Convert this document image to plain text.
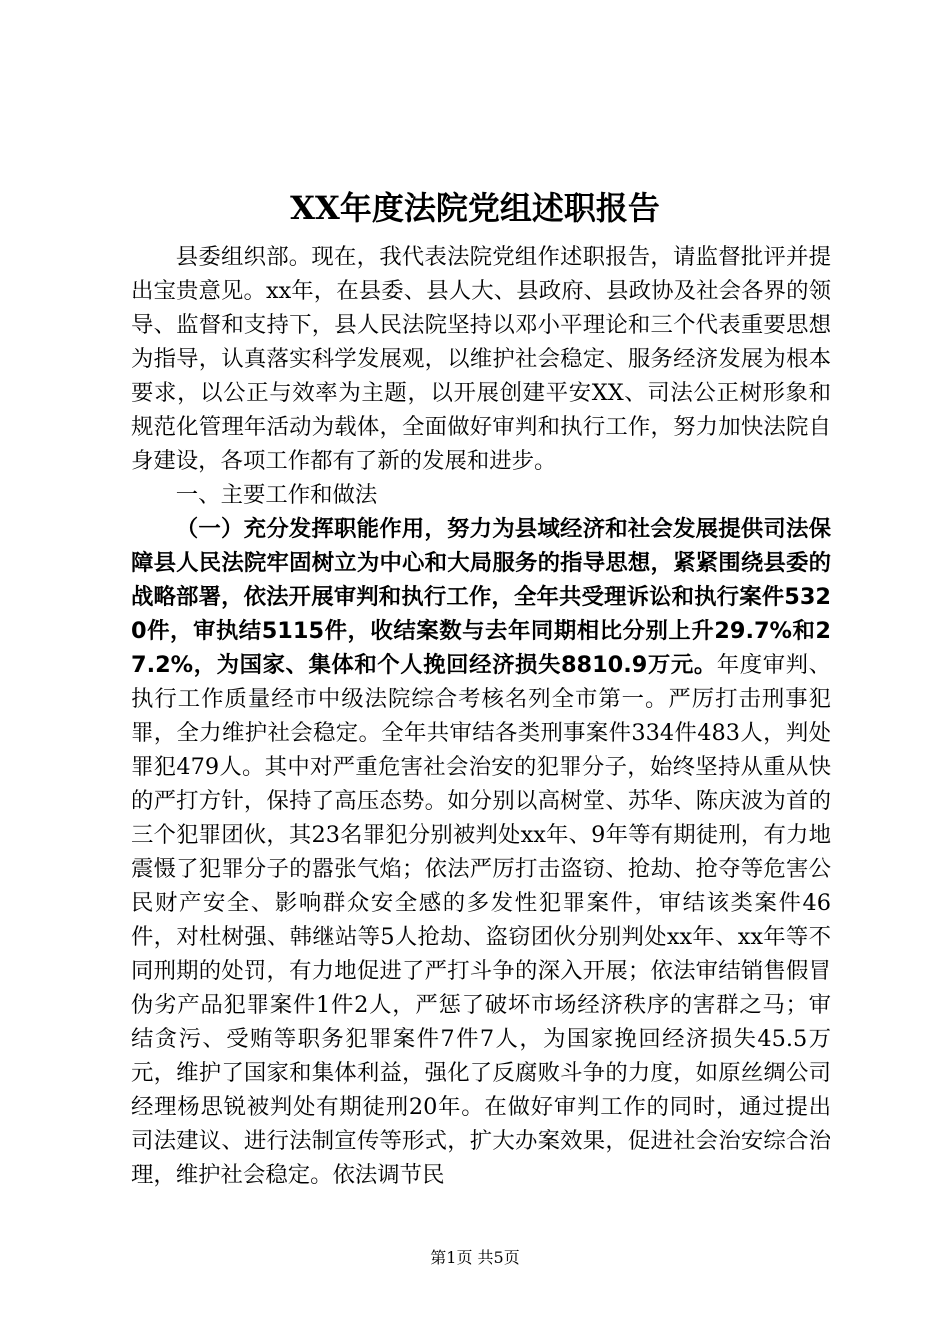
XX年度法院党组述职报告

县委组织部。现在，我代表法院党组作述职报告，请监督批评并提出宝贵意见。xx年，在县委、县人大、县政府、县政协及社会各界的领导、监督和支持下，县人民法院坚持以邓小平理论和三个代表重要思想为指导，认真落实科学发展观，以维护社会稳定、服务经济发展为根本要求，以公正与效率为主题，以开展创建平安XX、司法公正树形象和规范化管理年活动为载体，全面做好审判和执行工作，努力加快法院自身建设，各项工作都有了新的发展和进步。

一、主要工作和做法

（一）充分发挥职能作用，努力为县域经济和社会发展提供司法保障县人民法院牢固树立为中心和大局服务的指导思想，紧紧围绕县委的战略部署，依法开展审判和执行工作，全年共受理诉讼和执行案件5320件，审执结5115件，收结案数与去年同期相比分别上升29.7%和27.2%，为国家、集体和个人挽回经济损失8810.9万元。年度审判、执行工作质量经市中级法院综合考核名列全市第一。严厉打击刑事犯罪，全力维护社会稳定。全年共审结各类刑事案件334件483人，判处罪犯479人。其中对严重危害社会治安的犯罪分子，始终坚持从重从快的严打方针，保持了高压态势。如分别以高树堂、苏华、陈庆波为首的三个犯罪团伙，其23名罪犯分别被判处xx年、9年等有期徒刑，有力地震慑了犯罪分子的嚣张气焰；依法严厉打击盗窃、抢劫、抢夺等危害公民财产安全、影响群众安全感的多发性犯罪案件，审结该类案件46件，对杜树强、韩继站等5人抢劫、盗窃团伙分别判处xx年、xx年等不同刑期的处罚，有力地促进了严打斗争的深入开展；依法审结销售假冒伪劣产品犯罪案件1件2人，严惩了破坏市场经济秩序的害群之马；审结贪污、受贿等职务犯罪案件7件7人，为国家挽回经济损失45.5万元，维护了国家和集体利益，强化了反腐败斗争的力度，如原丝绸公司经理杨思锐被判处有期徒刑20年。在做好审判工作的同时，通过提出司法建议、进行法制宣传等形式，扩大办案效果，促进社会治安综合治理，维护社会稳定。依法调节民

第1页 共5页
